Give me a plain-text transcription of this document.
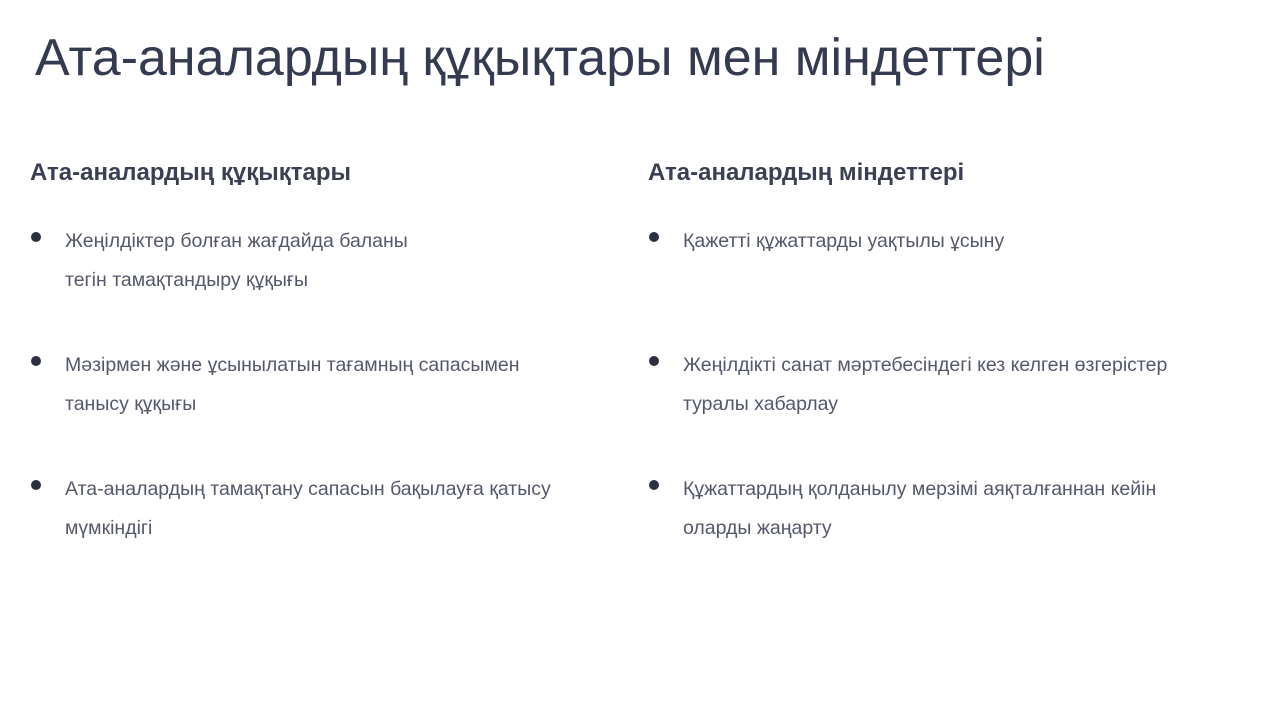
Ата-аналардың құқықтары мен міндеттері
Ата-аналардың құқықтары
Жеңілдіктер болған жағдайда баланы
тегін тамақтандыру құқығы
Мәзірмен және ұсынылатын тағамның сапасымен
танысу құқығы
Ата-аналардың тамақтану сапасын бақылауға қатысу
мүмкіндігі
Ата-аналардың міндеттері
Қажетті құжаттарды уақтылы ұсыну
Жеңілдікті санат мәртебесіндегі кез келген өзгерістер
туралы хабарлау
Құжаттардың қолданылу мерзімі аяқталғаннан кейін
оларды жаңарту
